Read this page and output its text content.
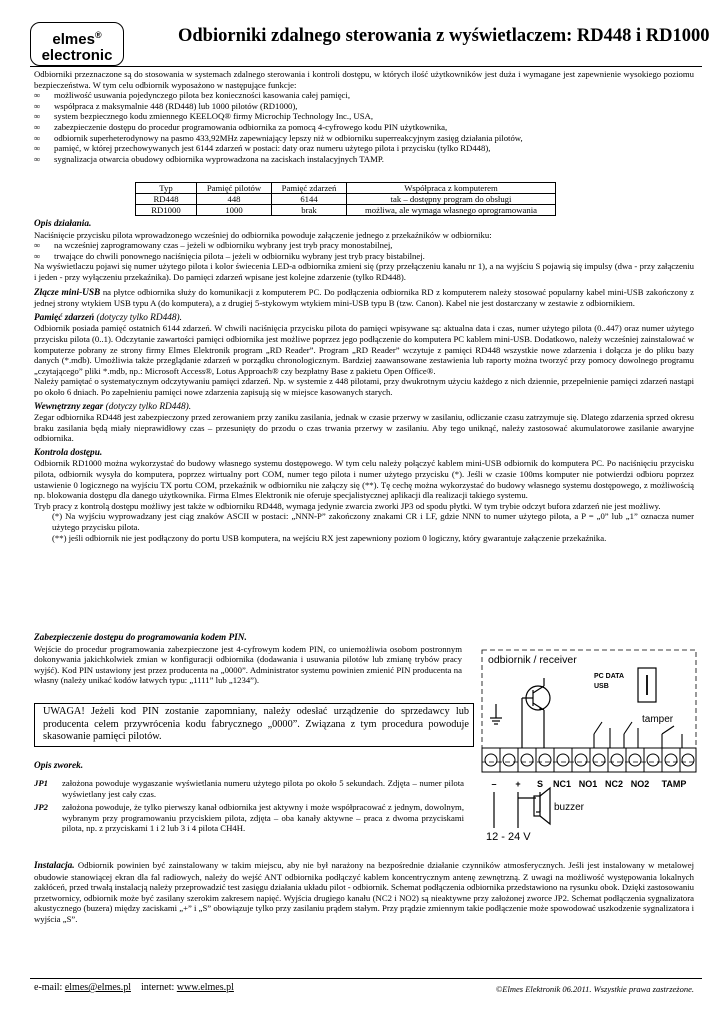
elmes®
electronic
Odbiorniki zdalnego sterowania z wyświetlaczem: RD448 i RD1000

Odbiorniki przeznaczone są do stosowania w systemach zdalnego sterowania i kontroli dostępu, w których ilość użytkowników jest duża i wymagane jest zapewnienie wysokiego poziomu bezpieczeństwa. W tym celu odbiornik wyposażono w następujące funkcje:

∞ możliwość usuwania pojedynczego pilota bez konieczności kasowania całej pamięci,
∞ współpraca z maksymalnie 448 (RD448) lub 1000 pilotów (RD1000),
∞ system bezpiecznego kodu zmiennego KEELOQ® firmy Microchip Technology Inc., USA,
∞ zabezpieczenie dostępu do procedur programowania odbiornika za pomocą 4-cyfrowego kodu PIN użytkownika,
∞ odbiornik superheterodynowy na pasmo 433,92MHz zapewniający lepszy niż w odbiorniku superreakcyjnym zasięg działania pilotów,
∞ pamięć, w której przechowywanych jest 6144 zdarzeń w postaci: daty oraz numeru użytego pilota i przycisku (tylko RD448),
∞ sygnalizacja otwarcia obudowy odbiornika wyprowadzona na zaciskach instalacyjnych TAMP.
Typ	Pamięć pilotów	Pamięć zdarzeń	Współpraca z komputerem
RD448	448	6144	tak – dostępny program do obsługi
RD1000	1000	brak	możliwa, ale wymaga własnego oprogramowania

Opis działania.

Naciśnięcie przycisku pilota wprowadzonego wcześniej do odbiornika powoduje załączenie jednego z przekaźników w odbiorniku:

∞ na wcześniej zaprogramowany czas – jeżeli w odbiorniku wybrany jest tryb pracy monostabilnej,
∞ trwające do chwili ponownego naciśnięcia pilota – jeżeli w odbiorniku wybrany jest tryb pracy bistabilnej.

Na wyświetlaczu pojawi się numer użytego pilota i kolor świecenia LED-a odbiornika zmieni się (przy przełączeniu kanału nr 1), a na wyjściu S pojawią się impulsy (dwa - przy załączeniu i jeden - przy wyłączeniu przekaźnika). Do pamięci zdarzeń wpisane jest kolejne zdarzenie (tylko RD448).

Złącze mini-USB na płytce odbiornika służy do komunikacji z komputerem PC. Do podłączenia odbiornika RD z komputerem należy stosować popularny kabel mini-USB zakończony z jednej strony wtykiem USB typu A (do komputera), a z drugiej 5-stykowym wtykiem mini-USB typu B (tzw. Canon). Kabel nie jest dostarczany w zestawie z odbiornikiem.

Pamięć zdarzeń (dotyczy tylko RD448).

Odbiornik posiada pamięć ostatnich 6144 zdarzeń. W chwili naciśnięcia przycisku pilota do pamięci wpisywane są: aktualna data i czas, numer użytego pilota (0..447) oraz numer użytego przycisku pilota (0..1). Odczytanie zawartości pamięci odbiornika jest możliwe poprzez jego podłączenie do komputera PC kablem mini-USB. Dodatkowo, należy wcześniej zainstalować w komputerze pobrany ze strony firmy Elmes Elektronik program „RD Reader”. Program „RD Reader” wczytuje z pamięci RD448 wszystkie nowe zdarzenia i dołącza je do pliku bazy danych (*.mdb). Umożliwia także przeglądanie zdarzeń w porządku chronologicznym. Bardziej zaawansowane zestawienia lub raporty można tworzyć przy pomocy dowolnego programu „czytającego” pliki *.mdb, np.: Microsoft Access®, Lotus Approach® czy bezpłatny Base z pakietu Open Office®.

Należy pamiętać o systematycznym odczytywaniu pamięci zdarzeń. Np. w systemie z 448 pilotami, przy dwukrotnym użyciu każdego z nich dziennie, przepełnienie pamięci zdarzeń nastąpi po około 6 dniach. Po zapełnieniu pamięci nowe zdarzenia zapisują się w miejsce kasowanych starych.

Wewnętrzny zegar (dotyczy tylko RD448).

Zegar odbiornika RD448 jest zabezpieczony przed zerowaniem przy zaniku zasilania, jednak w czasie przerwy w zasilaniu, odliczanie czasu zatrzymuje się. Dlatego zdarzenia sprzed okresu braku zasilania będą miały nieprawidłowy czas – przesunięty do przodu o czas trwania przerwy w zasilaniu. Aby tego uniknąć, należy zastosować akumulatorowe zasilanie awaryjne odbiornika.

Kontrola dostępu.

Odbiornik RD1000 można wykorzystać do budowy własnego systemu dostępowego. W tym celu należy połączyć kablem mini-USB odbiornik do komputera PC. Po naciśnięciu przycisku pilota, odbiornik wysyła do komputera, poprzez wirtualny port COM, numer tego pilota i numer użytego przycisku (*). Jeśli w czasie 100ms komputer nie potwierdzi odbioru poprzez ustawienie 0 logicznego na wyjściu TX portu COM, przekaźnik w odbiorniku nie załączy się (**). Tę cechę można wykorzystać do budowy własnego systemu dostępowego, z możliwością np. blokowania dostępu dla danego użytkownika. Firma Elmes Elektronik nie oferuje specjalistycznej aplikacji dla realizacji takiego systemu.

Tryb pracy z kontrolą dostępu możliwy jest także w odbiorniku RD448, wymaga jedynie zwarcia zworki JP3 od spodu płytki. W tym trybie odczyt bufora zdarzeń nie jest możliwy.

(*) Na wyjściu wyprowadzany jest ciąg znaków ASCII w postaci: „NNN-P” zakończony znakami CR i LF, gdzie NNN to numer użytego pilota, a P = „0” lub „1” oznacza numer użytego przycisku pilota.

(**) jeśli odbiornik nie jest podłączony do portu USB komputera, na wejściu RX jest zapewniony poziom 0 logiczny, który gwarantuje załączenie przekaźnika.

Zabezpieczenie dostępu do programowania kodem PIN.

Wejście do procedur programowania zabezpieczone jest 4-cyfrowym kodem PIN, co uniemożliwia osobom postronnym dokonywania jakichkolwiek zmian w konfiguracji odbiornika (dodawania i usuwania pilotów lub zmianę trybów pracy wyjść). Kod PIN ustawiony jest przez producenta na „0000”. Administrator systemu powinien zmienić PIN producenta na własny (należy unikać kodów łatwych typu: „1111” lub „1234”).

UWAGA! Jeżeli kod PIN zostanie zapomniany, należy odesłać urządzenie do sprzedawcy lub producenta celem przywrócenia kodu fabrycznego „0000”. Związana z tym procedura powoduje skasowanie pamięci pilotów.

Opis zworek.

JP1 założona powoduje wygaszanie wyświetlania numeru użytego pilota po około 5 sekundach. Zdjęta – numer pilota wyświetlany jest cały czas.
JP2 założona powoduje, że tylko pierwszy kanał odbiornika jest aktywny i może współpracować z jednym, dowolnym, wybranym przy programowaniu przyciskiem pilota, zdjęta – oba kanały aktywne – praca z dwoma przyciskami pilota, np. z przyciskami 1 i 2 lub 3 i 4 pilota CH4H.
odbiornik / receiver
PC DATA
USB
tamper
– + S NC1 NO1 NC2 NO2 TAMP
buzzer
12 - 24 V

Instalacja. Odbiornik powinien być zainstalowany w takim miejscu, aby nie był narażony na bezpośrednie działanie czynników atmosferycznych. Jeśli jest instalowany w metalowej obudowie stanowiącej ekran dla fal radiowych, należy do wejść ANT odbiornika podłączyć kablem koncentrycznym antenę zewnętrzną. Z uwagi na możliwość występowania lokalnych zakłóceń, przed trwałą instalacją należy przeprowadzić test zasięgu działania układu pilot - odbiornik. Schemat podłączenia odbiornika przedstawiono na rysunku obok. Dzięki zastosowaniu przetwornicy, odbiornik może być zasilany szerokim zakresem napięć. Wyjścia drugiego kanału (NC2 i NO2) są nieaktywne przy założonej zworce JP2. Schemat podłączenia sygnalizatora akustycznego (buzera) między zaciskami „+” i „S” obowiązuje tylko przy zasilaniu prądem stałym. Przy prądzie zmiennym takie podłączenie może spowodować uszkodzenie sygnalizatora i wyjścia „S”.

e-mail: elmes@elmes.pl internet: www.elmes.pl	©Elmes Elektronik 06.2011. Wszystkie prawa zastrzeżone.
